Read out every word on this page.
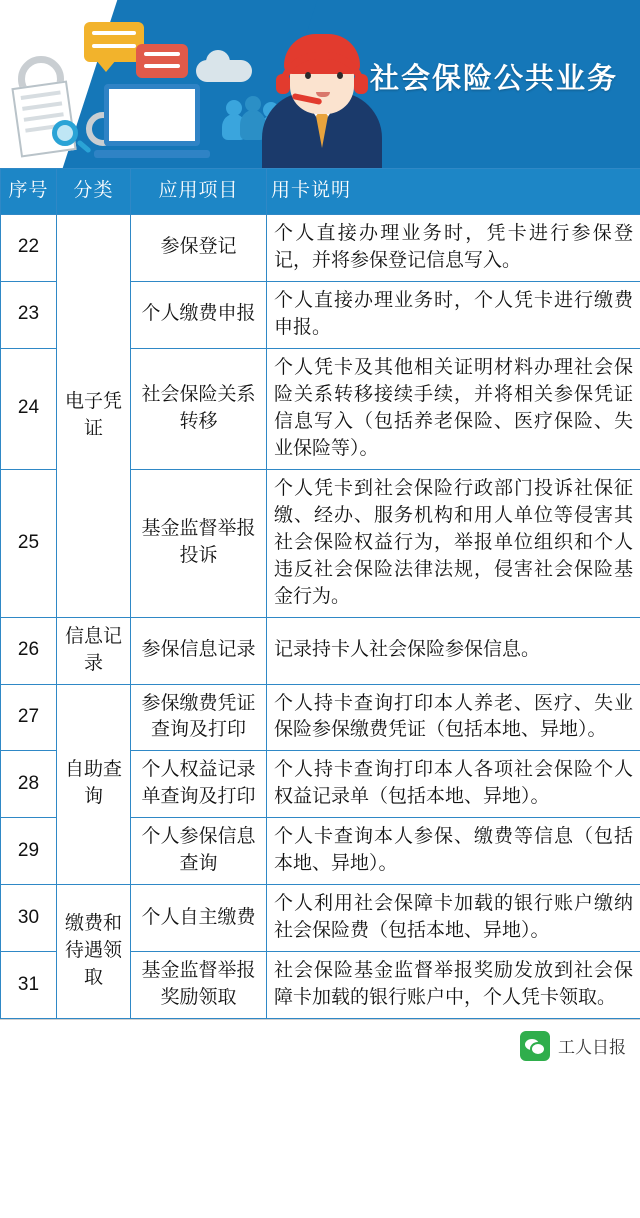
社会保险公共业务
序号	分类	应用项目	用卡说明
22	电子凭证	参保登记	个人直接办理业务时，凭卡进行参保登记，并将参保登记信息写入。
23		个人缴费申报	个人直接办理业务时，个人凭卡进行缴费申报。
24		社会保险关系转移	个人凭卡及其他相关证明材料办理社会保险关系转移接续手续，并将相关参保凭证信息写入（包括养老保险、医疗保险、失业保险等）。
25		基金监督举报投诉	个人凭卡到社会保险行政部门投诉社保征缴、经办、服务机构和用人单位等侵害其社会保险权益行为，举报单位组织和个人违反社会保险法律法规，侵害社会保险基金行为。
26	信息记录	参保信息记录	记录持卡人社会保险参保信息。
27	自助查询	参保缴费凭证查询及打印	个人持卡查询打印本人养老、医疗、失业保险参保缴费凭证（包括本地、异地）。
28		个人权益记录单查询及打印	个人持卡查询打印本人各项社会保险个人权益记录单（包括本地、异地）。
29		个人参保信息查询	个人卡查询本人参保、缴费等信息（包括本地、异地）。
30	缴费和待遇领取	个人自主缴费	个人利用社会保障卡加载的银行账户缴纳社会保险费（包括本地、异地）。
31		基金监督举报奖励领取	社会保险基金监督举报奖励发放到社会保障卡加载的银行账户中，个人凭卡领取。
工人日报
